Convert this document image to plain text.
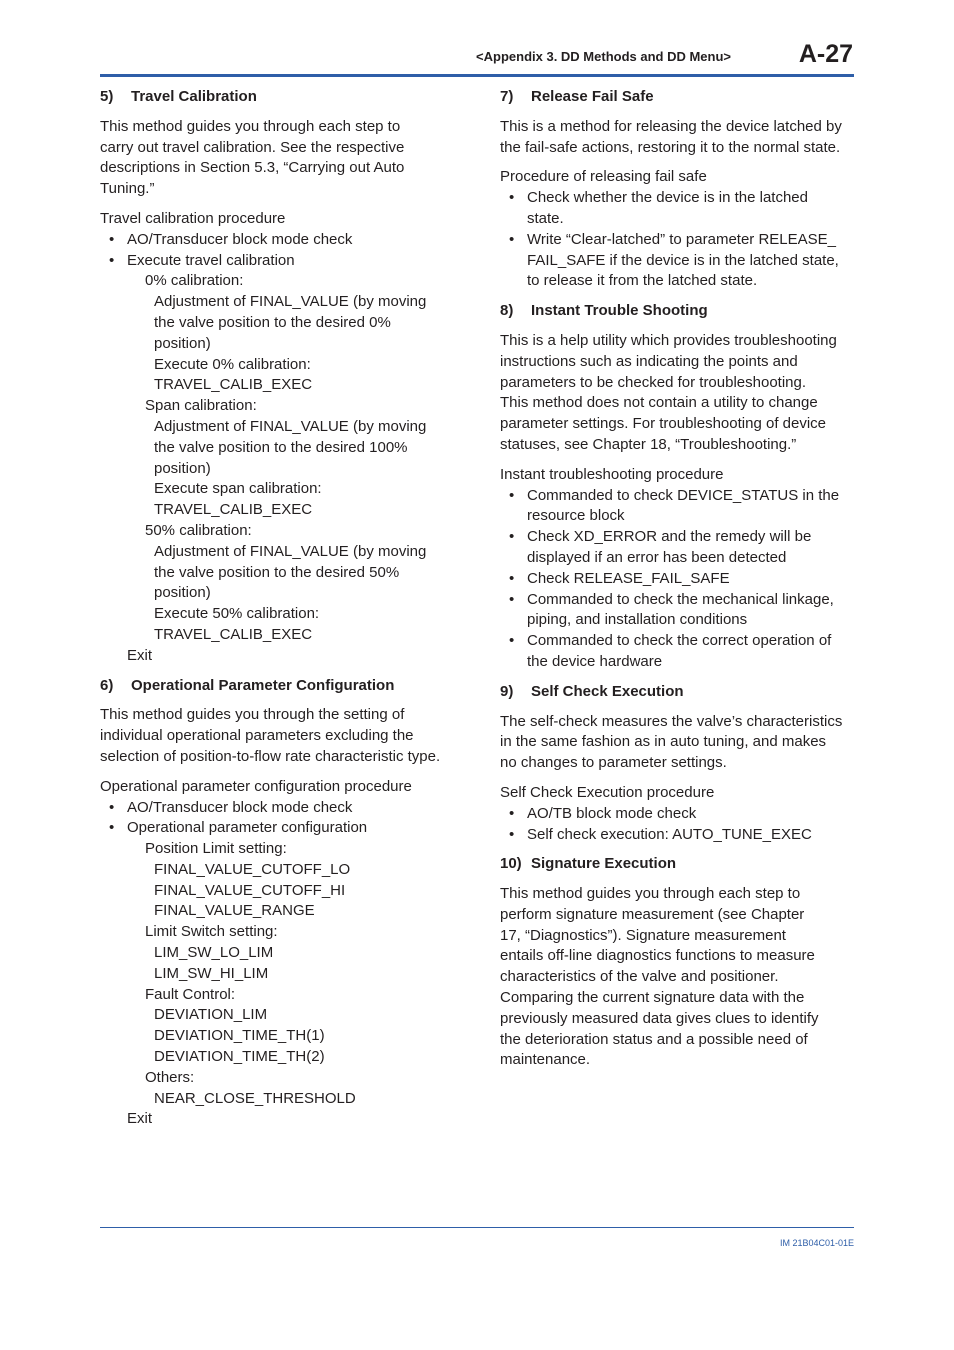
<Appendix 3. DD Methods and DD Menu>	A-27
5) Travel Calibration
This method guides you through each step to
carry out travel calibration. See the respective
descriptions in Section 5.3, “Carrying out Auto
Tuning.”
Travel calibration procedure
• AO/Transducer block mode check
• Execute travel calibration
0% calibration:
Adjustment of FINAL_VALUE (by moving
the valve position to the desired 0%
position)
Execute 0% calibration:
TRAVEL_CALIB_EXEC
Span calibration:
Adjustment of FINAL_VALUE (by moving
the valve position to the desired 100%
position)
Execute span calibration:
TRAVEL_CALIB_EXEC
50% calibration:
Adjustment of FINAL_VALUE (by moving
the valve position to the desired 50%
position)
Execute 50% calibration:
TRAVEL_CALIB_EXEC
Exit
6) Operational Parameter Configuration
This method guides you through the setting of
individual operational parameters excluding the
selection of position-to-flow rate characteristic type.
Operational parameter configuration procedure
• AO/Transducer block mode check
• Operational parameter configuration
Position Limit setting:
FINAL_VALUE_CUTOFF_LO
FINAL_VALUE_CUTOFF_HI
FINAL_VALUE_RANGE
Limit Switch setting:
LIM_SW_LO_LIM
LIM_SW_HI_LIM
Fault Control:
DEVIATION_LIM
DEVIATION_TIME_TH(1)
DEVIATION_TIME_TH(2)
Others:
NEAR_CLOSE_THRESHOLD
Exit
7) Release Fail Safe
This is a method for releasing the device latched by
the fail-safe actions, restoring it to the normal state.
Procedure of releasing fail safe
• Check whether the device is in the latched
state.
• Write “Clear-latched” to parameter RELEASE_
FAIL_SAFE if the device is in the latched state,
to release it from the latched state.
8) Instant Trouble Shooting
This is a help utility which provides troubleshooting
instructions such as indicating the points and
parameters to be checked for troubleshooting.
This method does not contain a utility to change
parameter settings. For troubleshooting of device
statuses, see Chapter 18, “Troubleshooting.”
Instant troubleshooting procedure
• Commanded to check DEVICE_STATUS in the
resource block
• Check XD_ERROR and the remedy will be
displayed if an error has been detected
• Check RELEASE_FAIL_SAFE
• Commanded to check the mechanical linkage,
piping, and installation conditions
• Commanded to check the correct operation of
the device hardware
9) Self Check Execution
The self-check measures the valve’s characteristics
in the same fashion as in auto tuning, and makes
no changes to parameter settings.
Self Check Execution procedure
• AO/TB block mode check
• Self check execution: AUTO_TUNE_EXEC
10) Signature Execution
This method guides you through each step to
perform signature measurement (see Chapter
17, “Diagnostics”). Signature measurement
entails off-line diagnostics functions to measure
characteristics of the valve and positioner.
Comparing the current signature data with the
previously measured data gives clues to identify
the deterioration status and a possible need of
maintenance.
IM 21B04C01-01E
